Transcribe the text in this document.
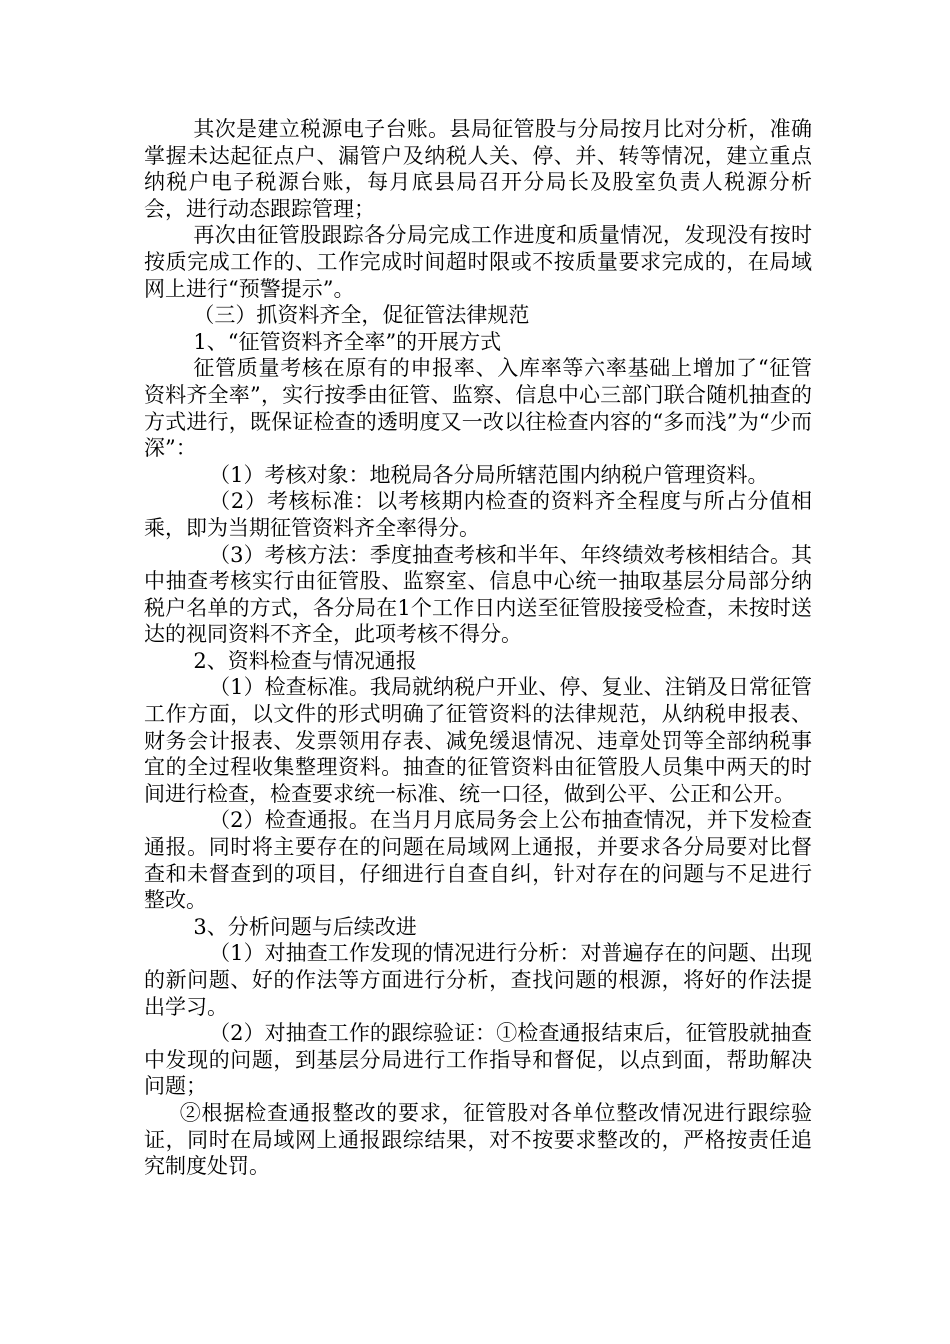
其次是建立税源电子台账。县局征管股与分局按月比对分析，准确掌握未达起征点户、漏管户及纳税人关、停、并、转等情况，建立重点纳税户电子税源台账，每月底县局召开分局长及股室负责人税源分析会，进行动态跟踪管理；

再次由征管股跟踪各分局完成工作进度和质量情况，发现没有按时按质完成工作的、工作完成时间超时限或不按质量要求完成的，在局域网上进行“预警提示”。

（三）抓资料齐全，促征管法律规范

1、“征管资料齐全率”的开展方式

征管质量考核在原有的申报率、入库率等六率基础上增加了“征管资料齐全率”，实行按季由征管、监察、信息中心三部门联合随机抽查的方式进行，既保证检查的透明度又一改以往检查内容的“多而浅”为“少而深”：

（1）考核对象：地税局各分局所辖范围内纳税户管理资料。

（2）考核标准：以考核期内检查的资料齐全程度与所占分值相乘，即为当期征管资料齐全率得分。

（3）考核方法：季度抽查考核和半年、年终绩效考核相结合。其中抽查考核实行由征管股、监察室、信息中心统一抽取基层分局部分纳税户名单的方式，各分局在1个工作日内送至征管股接受检查，未按时送达的视同资料不齐全，此项考核不得分。

2、资料检查与情况通报

（1）检查标准。我局就纳税户开业、停、复业、注销及日常征管工作方面，以文件的形式明确了征管资料的法律规范，从纳税申报表、财务会计报表、发票领用存表、减免缓退情况、违章处罚等全部纳税事宜的全过程收集整理资料。抽查的征管资料由征管股人员集中两天的时间进行检查，检查要求统一标准、统一口径，做到公平、公正和公开。

（2）检查通报。在当月月底局务会上公布抽查情况，并下发检查通报。同时将主要存在的问题在局域网上通报，并要求各分局要对比督查和未督查到的项目，仔细进行自查自纠，针对存在的问题与不足进行整改。

3、分析问题与后续改进

（1）对抽查工作发现的情况进行分析：对普遍存在的问题、出现的新问题、好的作法等方面进行分析，查找问题的根源，将好的作法提出学习。

（2）对抽查工作的跟综验证：①检查通报结束后，征管股就抽查中发现的问题，到基层分局进行工作指导和督促，以点到面，帮助解决问题；

②根据检查通报整改的要求，征管股对各单位整改情况进行跟综验证，同时在局域网上通报跟综结果，对不按要求整改的，严格按责任追究制度处罚。
